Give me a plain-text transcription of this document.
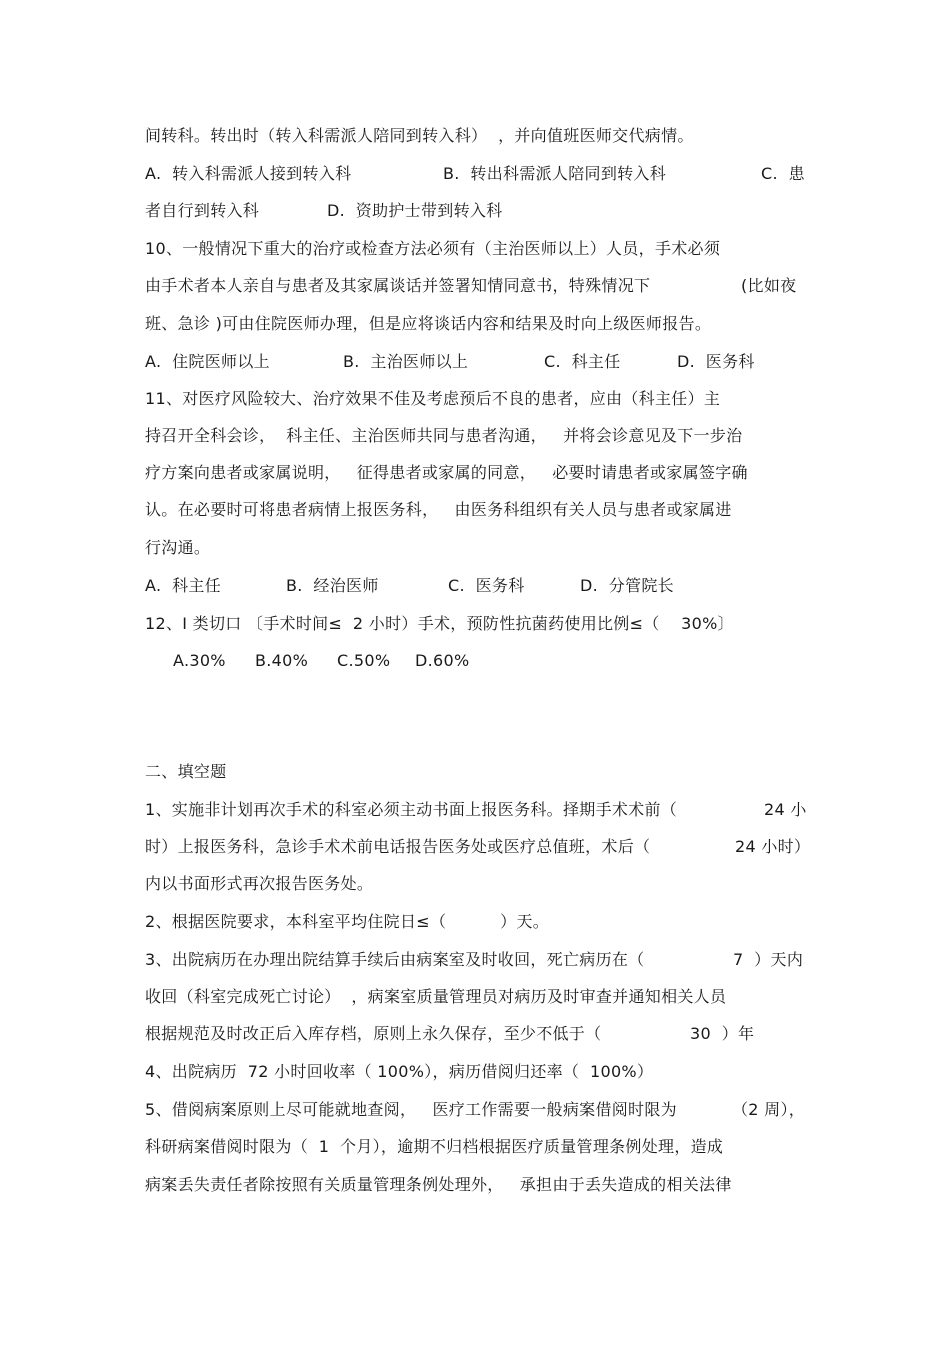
间转科。转出时（转入科需派人陪同到转入科）  ，并向值班医师交代病情。
A.  转入科需派人接到转入科	B.  转出科需派人陪同到转入科	C.  患
者自行到转入科	D.  资助护士带到转入科
10、一般情况下重大的治疗或检查方法必须有（主治医师以上）人员，手术必须
由手术者本人亲自与患者及其家属谈话并签署知情同意书，特殊情况下	(比如夜
班、急诊 )可由住院医师办理，但是应将谈话内容和结果及时向上级医师报告。
A.  住院医师以上	B.  主治医师以上	C.  科主任	D.  医务科
11、对医疗风险较大、治疗效果不佳及考虑预后不良的患者，应由（科主任）主
持召开全科会诊，  科主任、主治医师共同与患者沟通，   并将会诊意见及下一步治
疗方案向患者或家属说明，   征得患者或家属的同意，   必要时请患者或家属签字确
认。在必要时可将患者病情上报医务科，   由医务科组织有关人员与患者或家属进
行沟通。
A.  科主任	B.  经治医师	C.  医务科	D.  分管院长
12、I 类切口 〔手术时间≤  2 小时）手术，预防性抗菌药使用比例≤（    30%〕
A.30% B.40% C.50% D.60%
二、填空题
1、实施非计划再次手术的科室必须主动书面上报医务科。择期手术术前（	24 小
时）上报医务科，急诊手术术前电话报告医务处或医疗总值班，术后（	24 小时）
内以书面形式再次报告医务处。
2、根据医院要求，本科室平均住院日≤（          ）天。
3、出院病历在办理出院结算手续后由病案室及时收回，死亡病历在（	7  ）天内
收回（科室完成死亡讨论）  ，病案室质量管理员对病历及时审查并通知相关人员
根据规范及时改正后入库存档，原则上永久保存，至少不低于（	30  ）年
4、出院病历  72 小时回收率（ 100%），病历借阅归还率（  100%）
5、借阅病案原则上尽可能就地查阅，   医疗工作需要一般病案借阅时限为	（2 周），
科研病案借阅时限为（  1  个月），逾期不归档根据医疗质量管理条例处理，造成
病案丢失责任者除按照有关质量管理条例处理外，   承担由于丢失造成的相关法律
